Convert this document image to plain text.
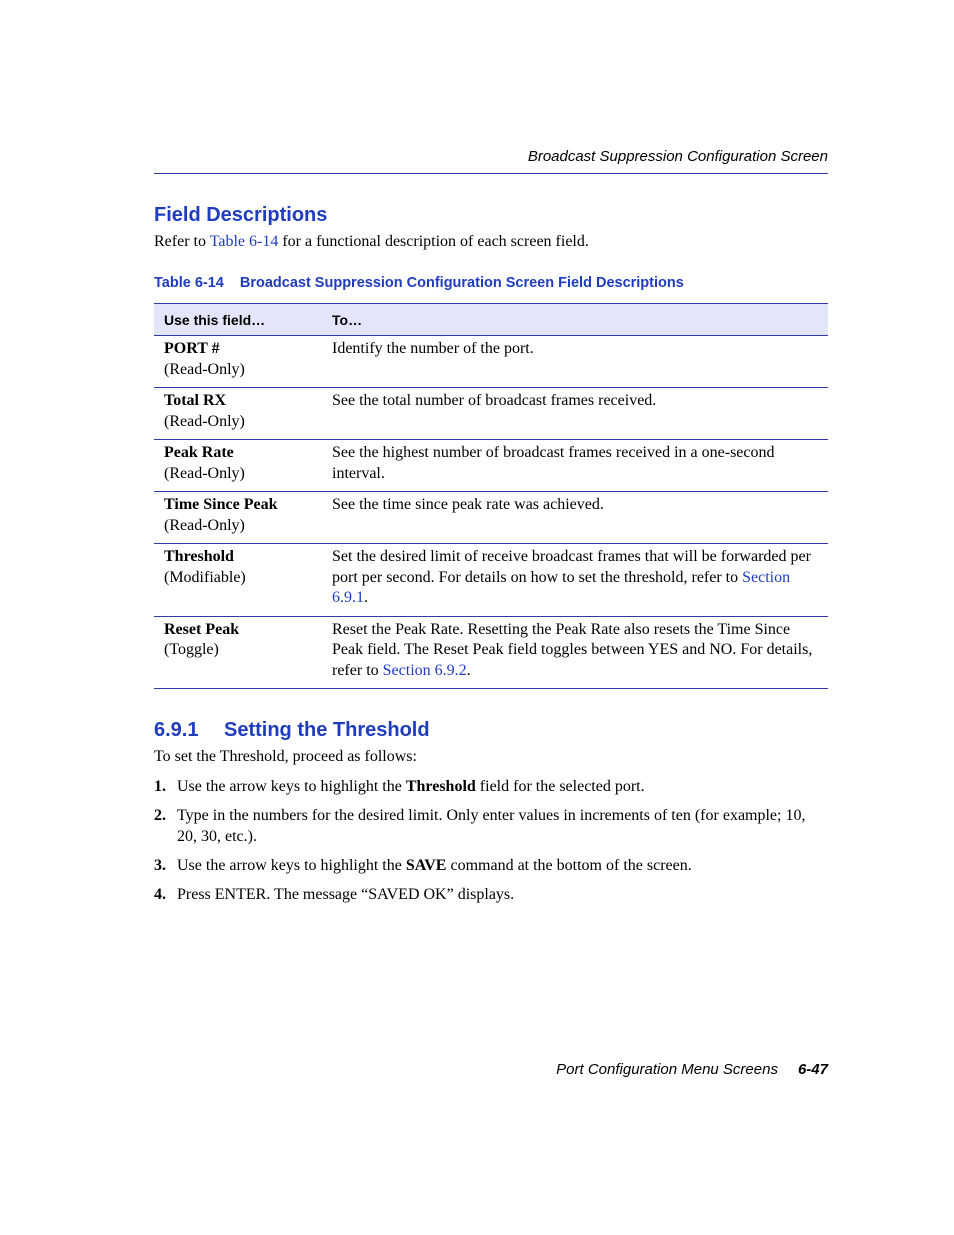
Broadcast Suppression Configuration Screen
Field Descriptions
Refer to Table 6-14 for a functional description of each screen field.
Table 6-14 Broadcast Suppression Configuration Screen Field Descriptions
Use this field…	To…

PORT #
(Read-Only)	Identify the number of the port.

Total RX
(Read-Only)	See the total number of broadcast frames received.

Peak Rate
(Read-Only)	See the highest number of broadcast frames received in a one-second interval.

Time Since Peak
(Read-Only)	See the time since peak rate was achieved.

Threshold
(Modifiable)	Set the desired limit of receive broadcast frames that will be forwarded per port per second. For details on how to set the threshold, refer to Section 6.9.1.

Reset Peak
(Toggle)	Reset the Peak Rate. Resetting the Peak Rate also resets the Time Since Peak field. The Reset Peak field toggles between YES and NO. For details, refer to Section 6.9.2.
6.9.1 Setting the Threshold
To set the Threshold, proceed as follows:
1. Use the arrow keys to highlight the Threshold field for the selected port.
2. Type in the numbers for the desired limit. Only enter values in increments of ten (for example; 10, 20, 30, etc.).
3. Use the arrow keys to highlight the SAVE command at the bottom of the screen.
4. Press ENTER. The message “SAVED OK” displays.
Port Configuration Menu Screens 6-47
